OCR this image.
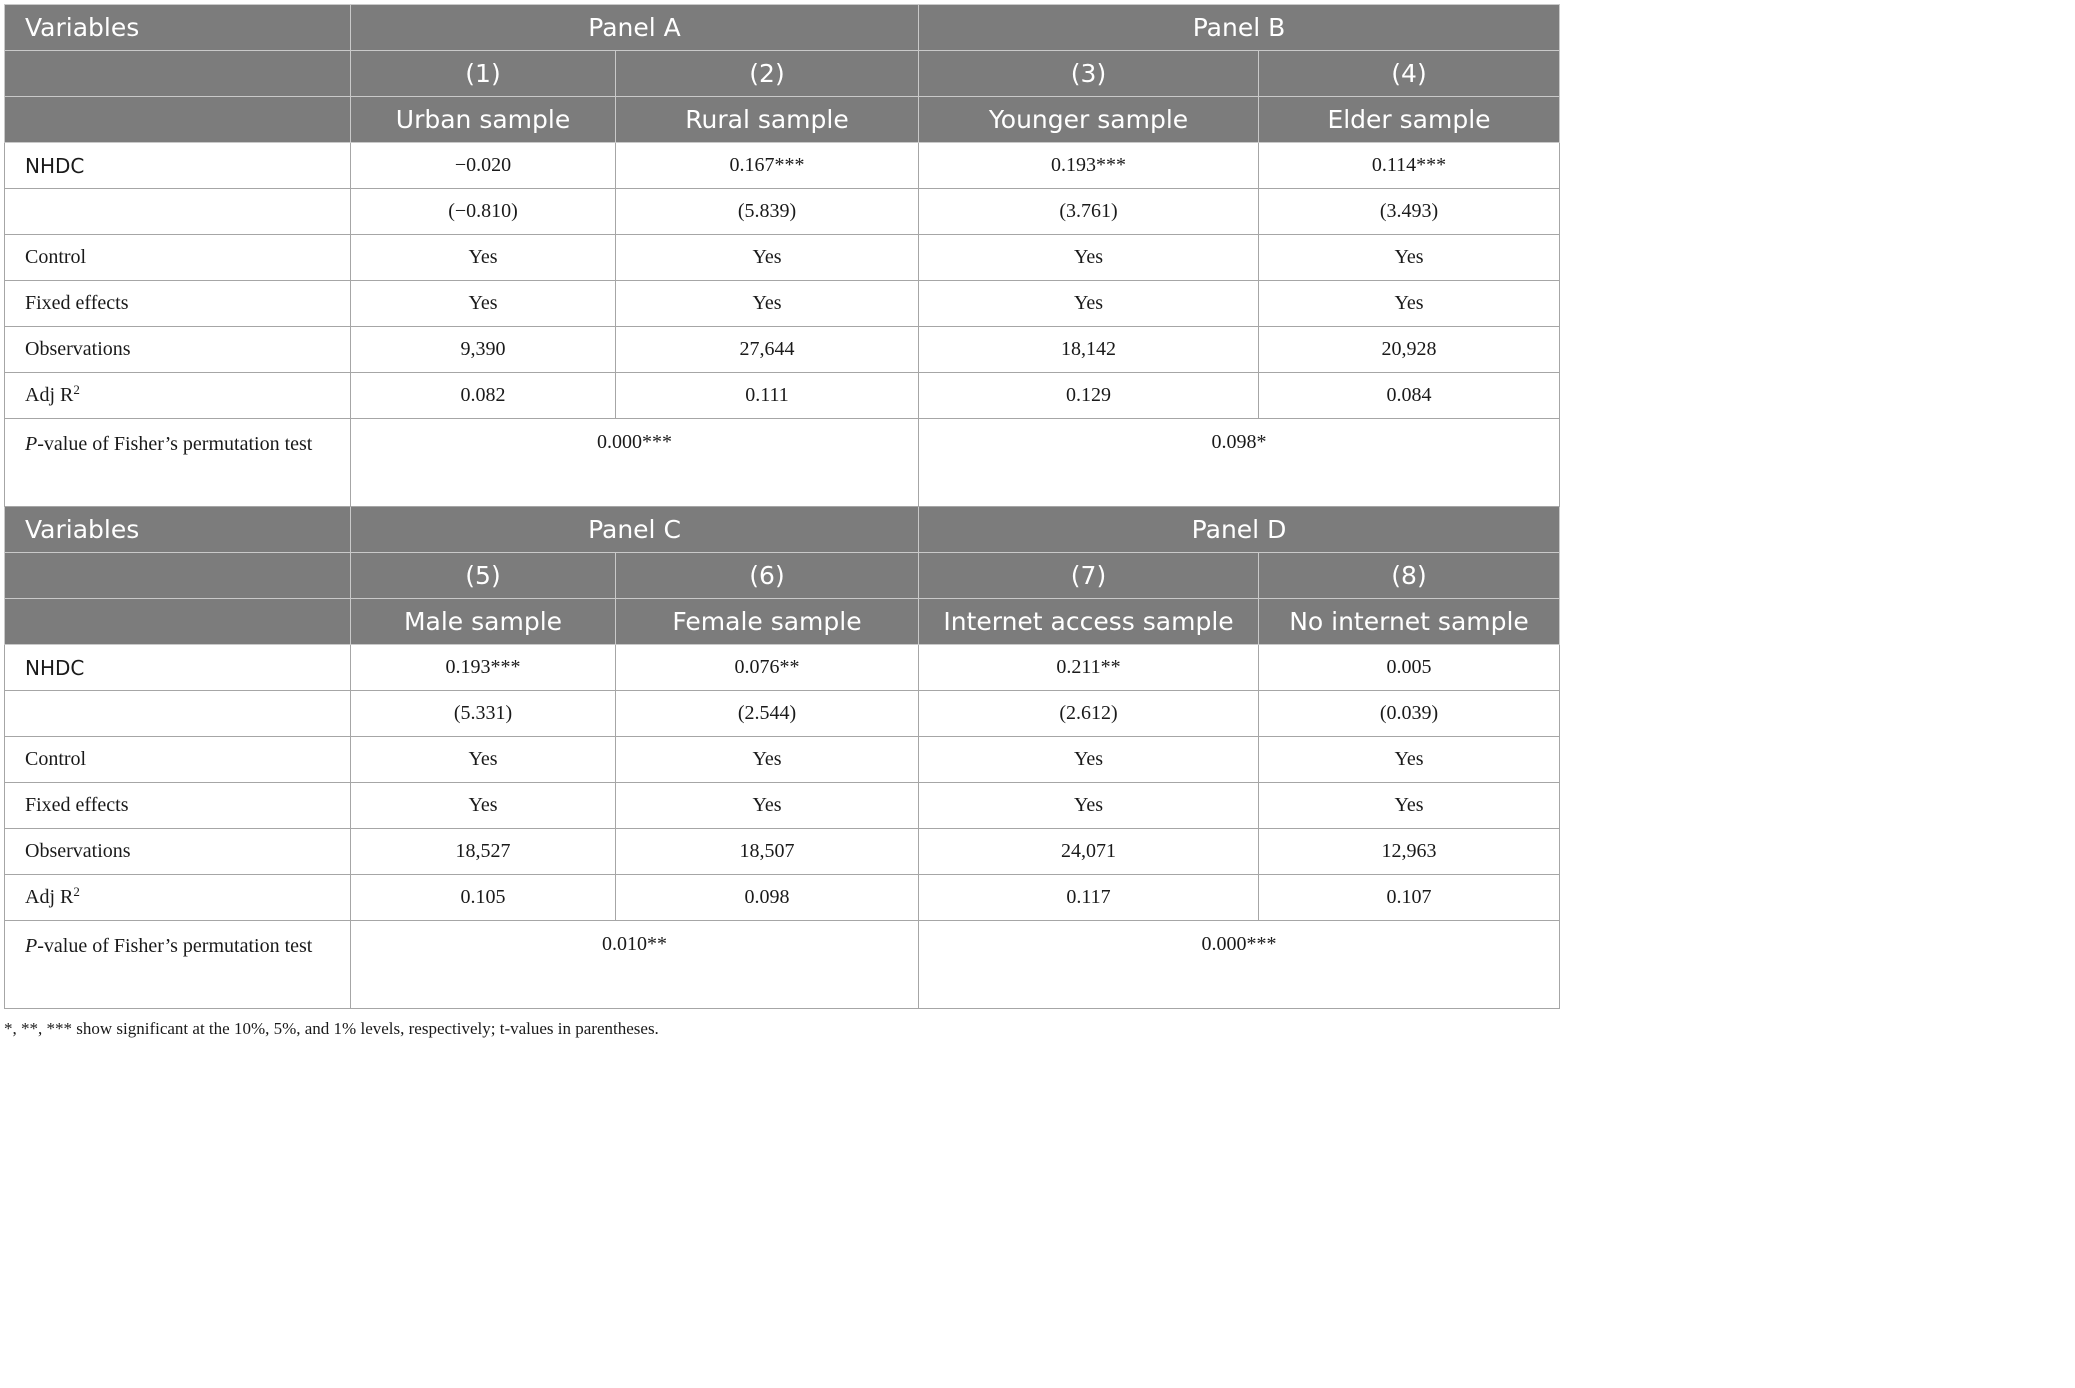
Variables	Panel A		Panel B	
	(1)	(2)	(3)	(4)
	Urban sample	Rural sample	Younger sample	Elder sample
NHDC	−0.020	0.167***	0.193***	0.114***
	(−0.810)	(5.839)	(3.761)	(3.493)
Control	Yes	Yes	Yes	Yes
Fixed effects	Yes	Yes	Yes	Yes
Observations	9,390	27,644	18,142	20,928
Adj $R^2$	0.082	0.111	0.129	0.084
P-value of Fisher’s permutation test	0.000***		0.098*	
Variables	Panel C		Panel D	
	(5)	(6)	(7)	(8)
	Male sample	Female sample	Internet access sample	No internet sample
NHDC	0.193***	0.076**	0.211**	0.005
	(5.331)	(2.544)	(2.612)	(0.039)
Control	Yes	Yes	Yes	Yes
Fixed effects	Yes	Yes	Yes	Yes
Observations	18,527	18,507	24,071	12,963
Adj $R^2$	0.105	0.098	0.117	0.107
P-value of Fisher’s permutation test	0.010**		0.000***	
*, **, *** show significant at the 10%, 5%, and 1% levels, respectively; t-values in parentheses.
